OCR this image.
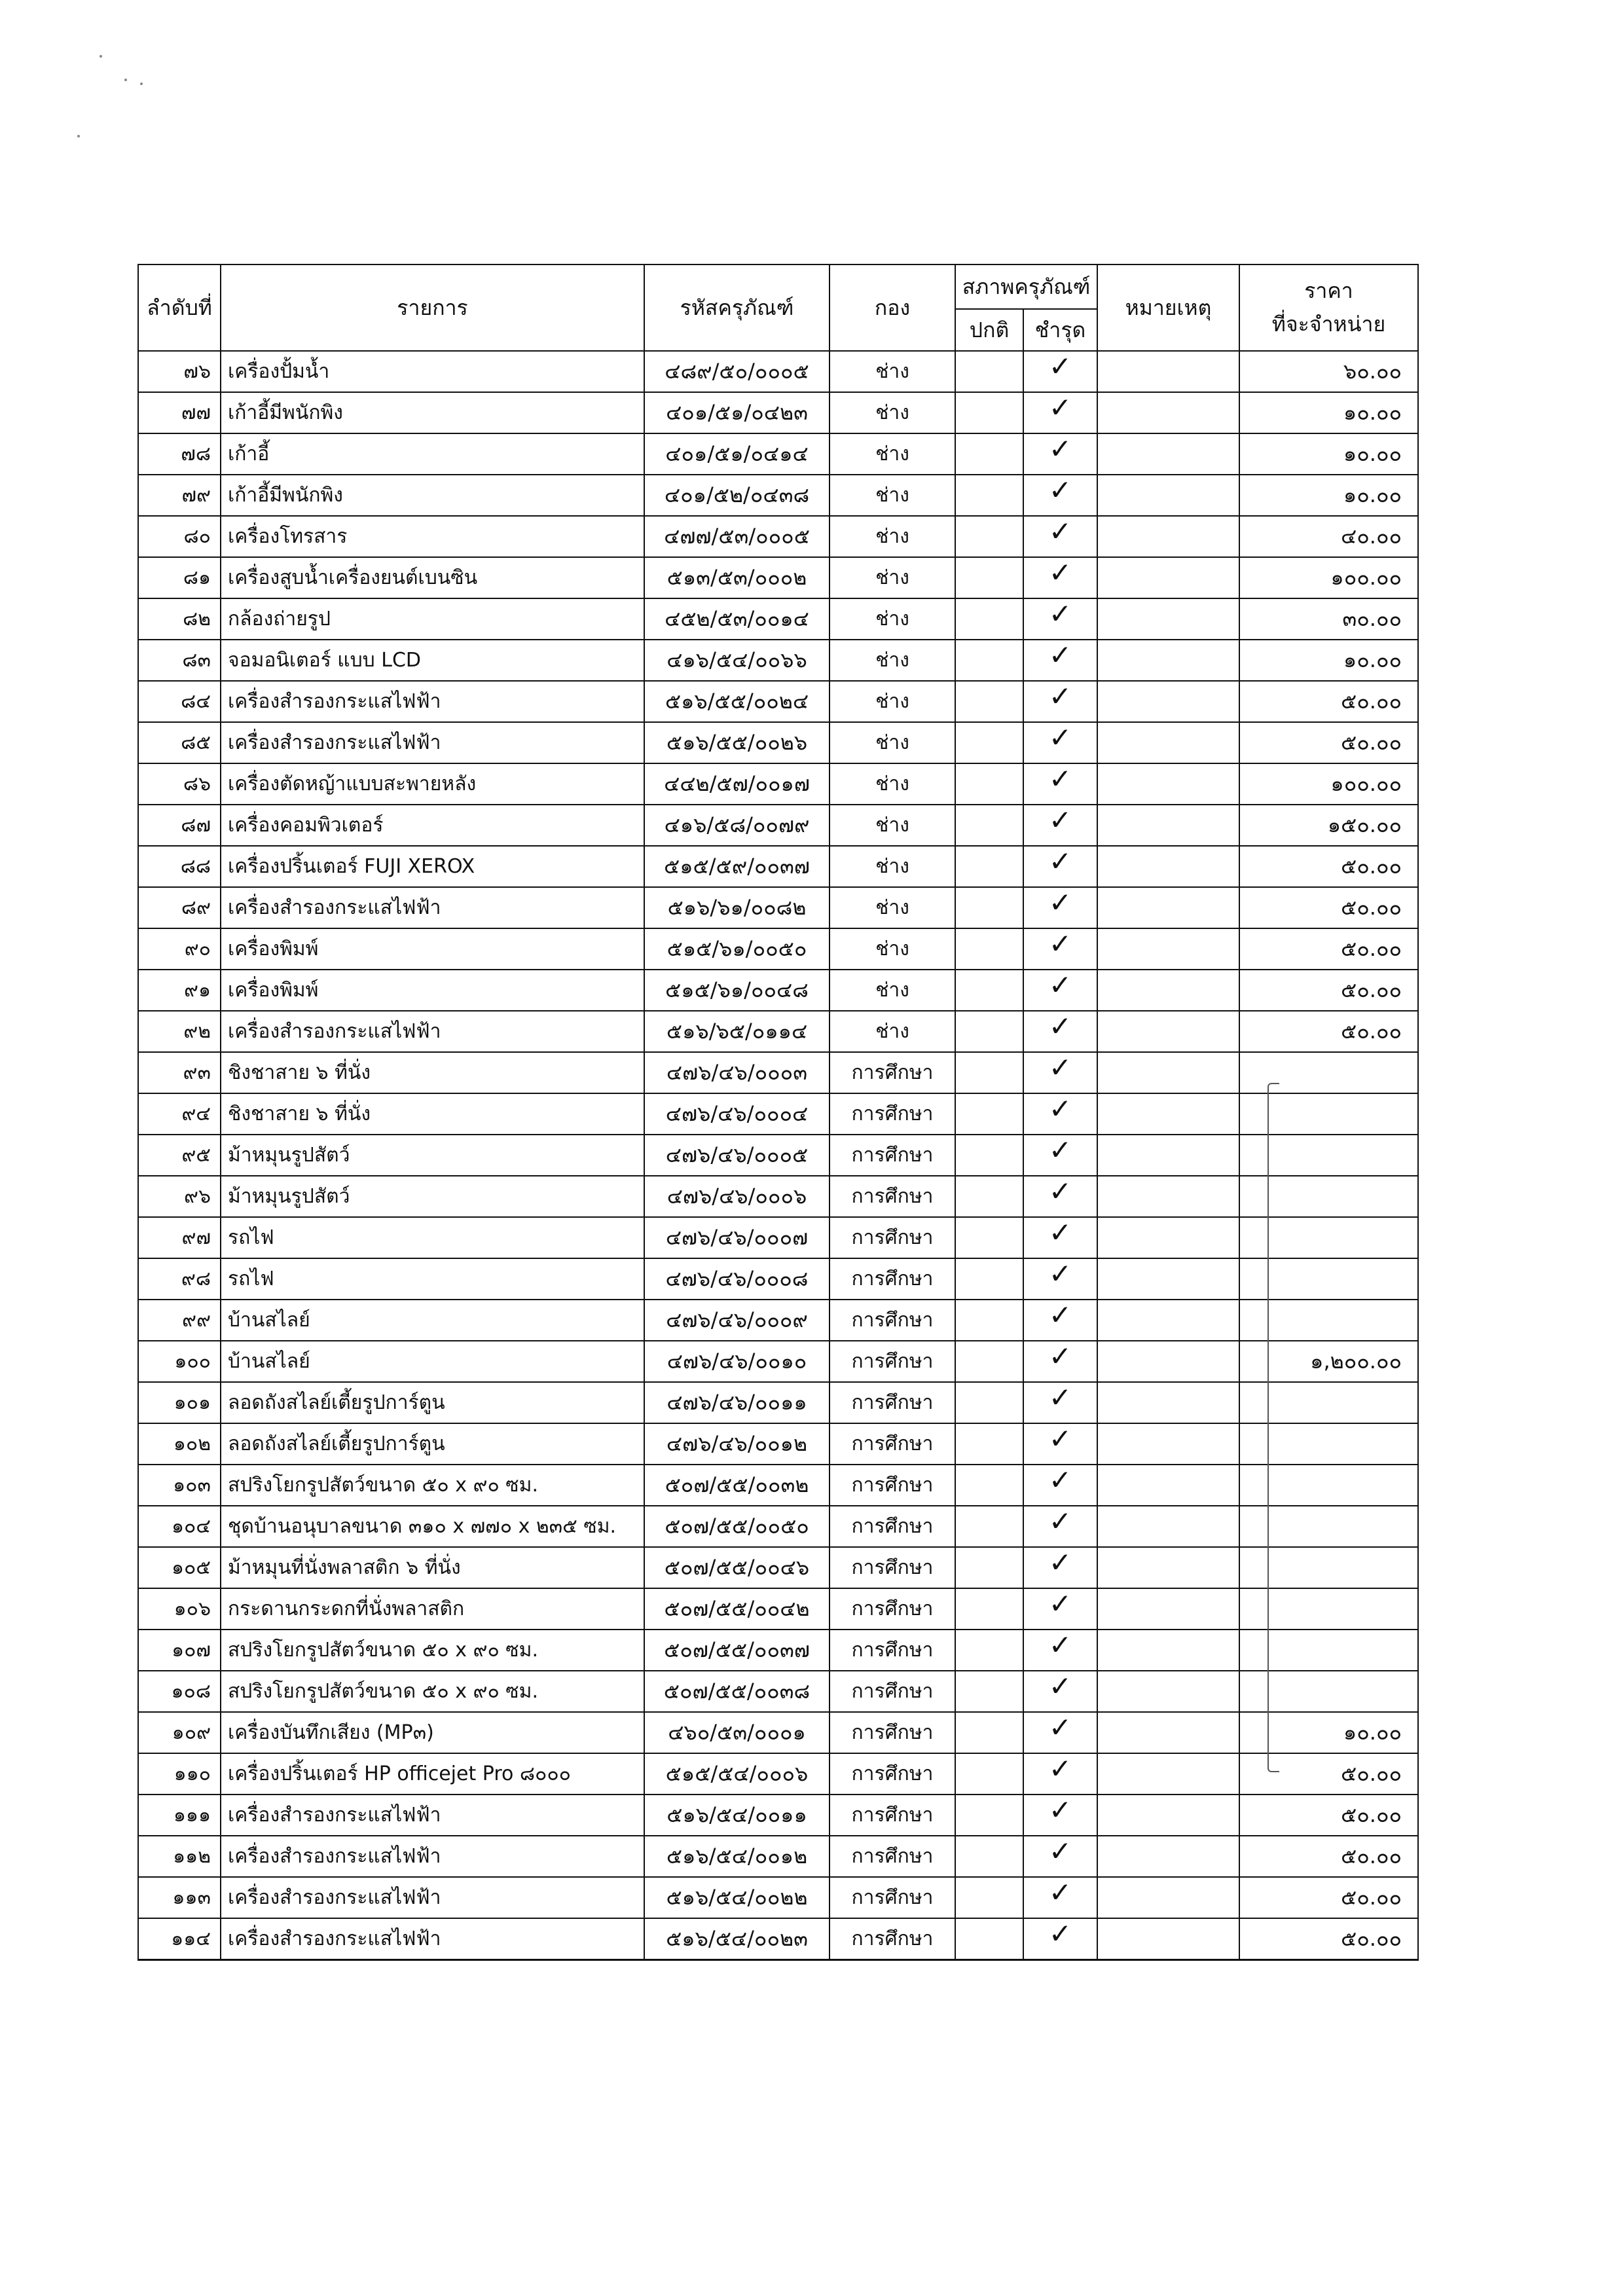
ลำดับที่	รายการ	รหัสครุภัณฑ์	กอง	สภาพครุภัณฑ์		หมายเหตุ	ราคา
ที่จะจำหน่าย

				ปกติ	ชำรุด		
๗๖	เครื่องปั้มน้ำ	๔๘๙/๕๐/๐๐๐๕	ช่าง		✓		๖๐.๐๐
๗๗	เก้าอี้มีพนักพิง	๔๐๑/๕๑/๐๔๒๓	ช่าง		✓		๑๐.๐๐
๗๘	เก้าอี้	๔๐๑/๕๑/๐๔๑๔	ช่าง		✓		๑๐.๐๐
๗๙	เก้าอี้มีพนักพิง	๔๐๑/๕๒/๐๔๓๘	ช่าง		✓		๑๐.๐๐
๘๐	เครื่องโทรสาร	๔๗๗/๕๓/๐๐๐๕	ช่าง		✓		๔๐.๐๐
๘๑	เครื่องสูบน้ำเครื่องยนต์เบนซิน	๕๑๓/๕๓/๐๐๐๒	ช่าง		✓		๑๐๐.๐๐
๘๒	กล้องถ่ายรูป	๔๕๒/๕๓/๐๐๑๔	ช่าง		✓		๓๐.๐๐
๘๓	จอมอนิเตอร์ แบบ LCD	๔๑๖/๕๔/๐๐๖๖	ช่าง		✓		๑๐.๐๐
๘๔	เครื่องสำรองกระแสไฟฟ้า	๕๑๖/๕๕/๐๐๒๔	ช่าง		✓		๕๐.๐๐
๘๕	เครื่องสำรองกระแสไฟฟ้า	๕๑๖/๕๕/๐๐๒๖	ช่าง		✓		๕๐.๐๐
๘๖	เครื่องตัดหญ้าแบบสะพายหลัง	๔๔๒/๕๗/๐๐๑๗	ช่าง		✓		๑๐๐.๐๐
๘๗	เครื่องคอมพิวเตอร์	๔๑๖/๕๘/๐๐๗๙	ช่าง		✓		๑๕๐.๐๐
๘๘	เครื่องปริ้นเตอร์ FUJI XEROX	๕๑๕/๕๙/๐๐๓๗	ช่าง		✓		๕๐.๐๐
๘๙	เครื่องสำรองกระแสไฟฟ้า	๕๑๖/๖๑/๐๐๘๒	ช่าง		✓		๕๐.๐๐
๙๐	เครื่องพิมพ์	๕๑๕/๖๑/๐๐๕๐	ช่าง		✓		๕๐.๐๐
๙๑	เครื่องพิมพ์	๕๑๕/๖๑/๐๐๔๘	ช่าง		✓		๕๐.๐๐
๙๒	เครื่องสำรองกระแสไฟฟ้า	๕๑๖/๖๕/๐๑๑๔	ช่าง		✓		๕๐.๐๐
๙๓	ชิงชาสาย ๖ ที่นั่ง	๔๗๖/๔๖/๐๐๐๓	การศึกษา		✓		
๙๔	ชิงชาสาย ๖ ที่นั่ง	๔๗๖/๔๖/๐๐๐๔	การศึกษา		✓		
๙๕	ม้าหมุนรูปสัตว์	๔๗๖/๔๖/๐๐๐๕	การศึกษา		✓		
๙๖	ม้าหมุนรูปสัตว์	๔๗๖/๔๖/๐๐๐๖	การศึกษา		✓		
๙๗	รถไฟ	๔๗๖/๔๖/๐๐๐๗	การศึกษา		✓		
๙๘	รถไฟ	๔๗๖/๔๖/๐๐๐๘	การศึกษา		✓		
๙๙	บ้านสไลย์	๔๗๖/๔๖/๐๐๐๙	การศึกษา		✓		
๑๐๐	บ้านสไลย์	๔๗๖/๔๖/๐๐๑๐	การศึกษา		✓		๑,๒๐๐.๐๐
๑๐๑	ลอดถังสไลย์เตี้ยรูปการ์ตูน	๔๗๖/๔๖/๐๐๑๑	การศึกษา		✓		
๑๐๒	ลอดถังสไลย์เตี้ยรูปการ์ตูน	๔๗๖/๔๖/๐๐๑๒	การศึกษา		✓		
๑๐๓	สปริงโยกรูปสัตว์ขนาด ๕๐ x ๙๐ ซม.	๕๐๗/๕๕/๐๐๓๒	การศึกษา		✓		
๑๐๔	ชุดบ้านอนุบาลขนาด ๓๑๐ x ๗๗๐ x ๒๓๕ ซม.	๕๐๗/๕๕/๐๐๕๐	การศึกษา		✓		
๑๐๕	ม้าหมุนที่นั่งพลาสติก ๖ ที่นั่ง	๕๐๗/๕๕/๐๐๔๖	การศึกษา		✓		
๑๐๖	กระดานกระดกที่นั่งพลาสติก	๕๐๗/๕๕/๐๐๔๒	การศึกษา		✓		
๑๐๗	สปริงโยกรูปสัตว์ขนาด ๕๐ x ๙๐ ซม.	๕๐๗/๕๕/๐๐๓๗	การศึกษา		✓		
๑๐๘	สปริงโยกรูปสัตว์ขนาด ๕๐ x ๙๐ ซม.	๕๐๗/๕๕/๐๐๓๘	การศึกษา		✓		
๑๐๙	เครื่องบันทึกเสียง (MP๓)	๔๖๐/๕๓/๐๐๐๑	การศึกษา		✓		๑๐.๐๐
๑๑๐	เครื่องปริ้นเตอร์ HP officejet Pro ๘๐๐๐	๕๑๕/๕๔/๐๐๐๖	การศึกษา		✓		๕๐.๐๐
๑๑๑	เครื่องสำรองกระแสไฟฟ้า	๕๑๖/๕๔/๐๐๑๑	การศึกษา		✓		๕๐.๐๐
๑๑๒	เครื่องสำรองกระแสไฟฟ้า	๕๑๖/๕๔/๐๐๑๒	การศึกษา		✓		๕๐.๐๐
๑๑๓	เครื่องสำรองกระแสไฟฟ้า	๕๑๖/๕๔/๐๐๒๒	การศึกษา		✓		๕๐.๐๐
๑๑๔	เครื่องสำรองกระแสไฟฟ้า	๕๑๖/๕๔/๐๐๒๓	การศึกษา		✓		๕๐.๐๐
